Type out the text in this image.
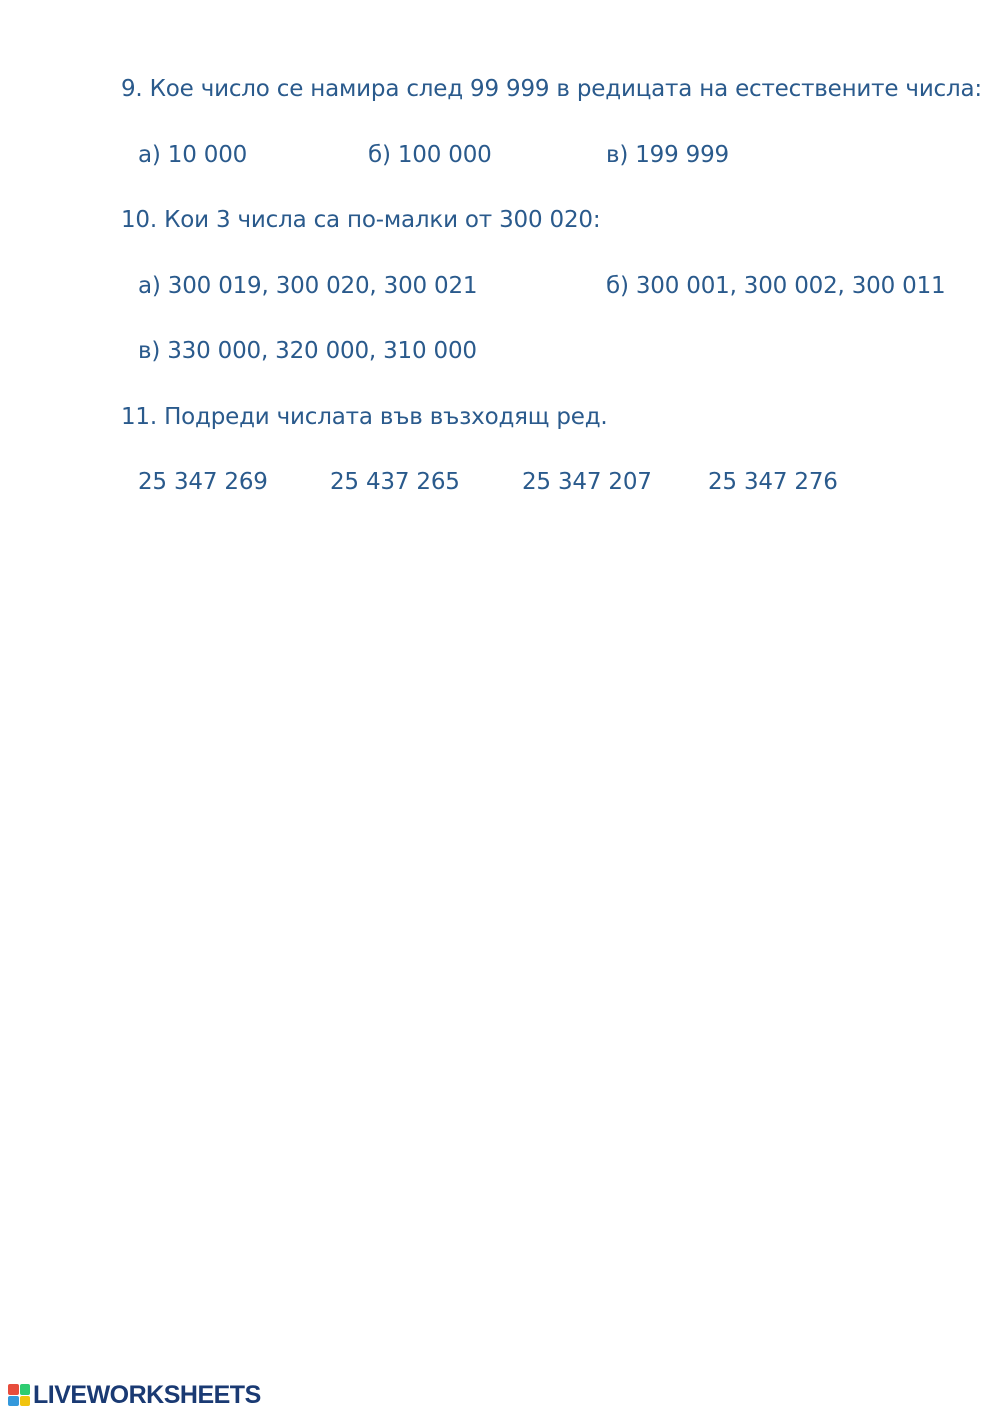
9. Кое число се намира след 99 999 в редицата на естествените числа:
а) 10 000	б) 100 000	в) 199 999
10. Кои 3 числа са по-малки от 300 020:
а) 300 019, 300 020, 300 021	б) 300 001, 300 002, 300 011
в) 330 000, 320 000, 310 000
11. Подреди числата във възходящ ред.
25 347 269	25 437 265	25 347 207 25 347 276
LIVEWORKSHEETS
